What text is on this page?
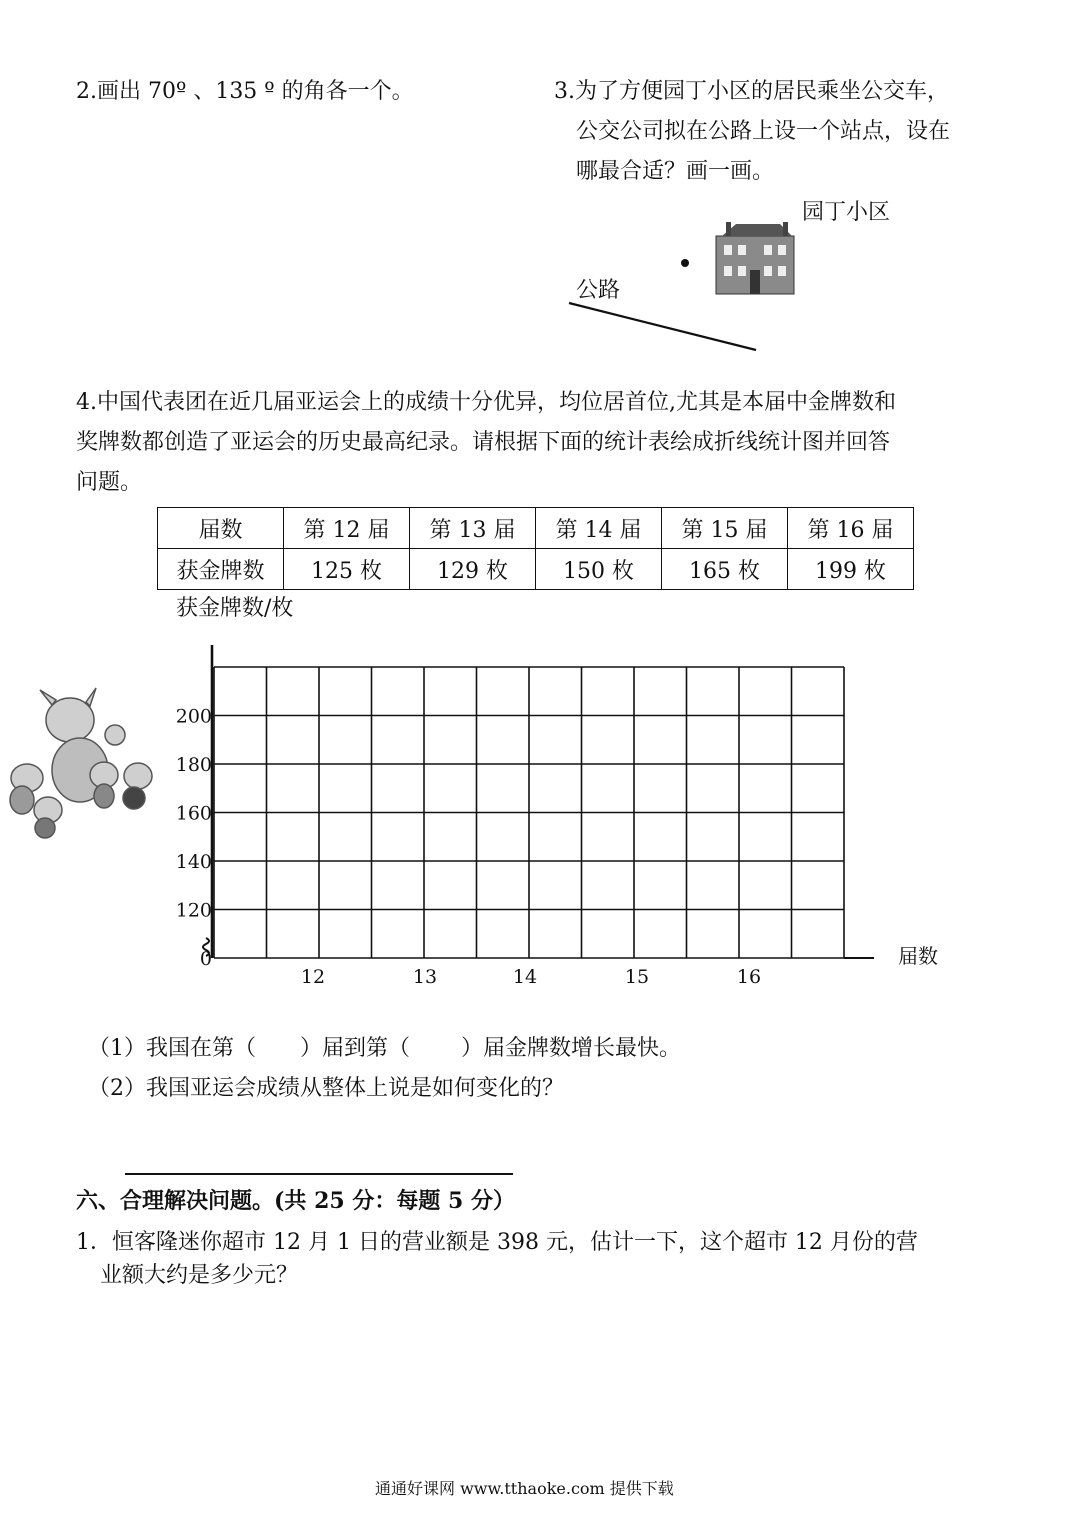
2.画出 70º 、135 º 的角各一个。	3.为了方便园丁小区的居民乘坐公交车，
公交公司拟在公路上设一个站点，设在
哪最合适？画一画。
园丁小区
公路
4.中国代表团在近几届亚运会上的成绩十分优异，均位居首位,尤其是本届中金牌数和
奖牌数都创造了亚运会的历史最高纪录。请根据下面的统计表绘成折线统计图并回答
问题。
届数	第 12 届	第 13 届	第 14 届	第 15 届	第 16 届
获金牌数	125 枚	129 枚	150 枚	165 枚	199 枚
获金牌数/枚
届数
0
120
140
160
180
200
12	13	14	15	16
（1）我国在第（　　）届到第（　　 ）届金牌数增长最快。
（2）我国亚运会成绩从整体上说是如何变化的？
六、合理解决问题。(共 25 分：每题 5 分）
1．恒客隆迷你超市 12 月 1 日的营业额是 398 元，估计一下，这个超市 12 月份的营
业额大约是多少元？
通通好课网 www.tthaoke.com 提供下载
